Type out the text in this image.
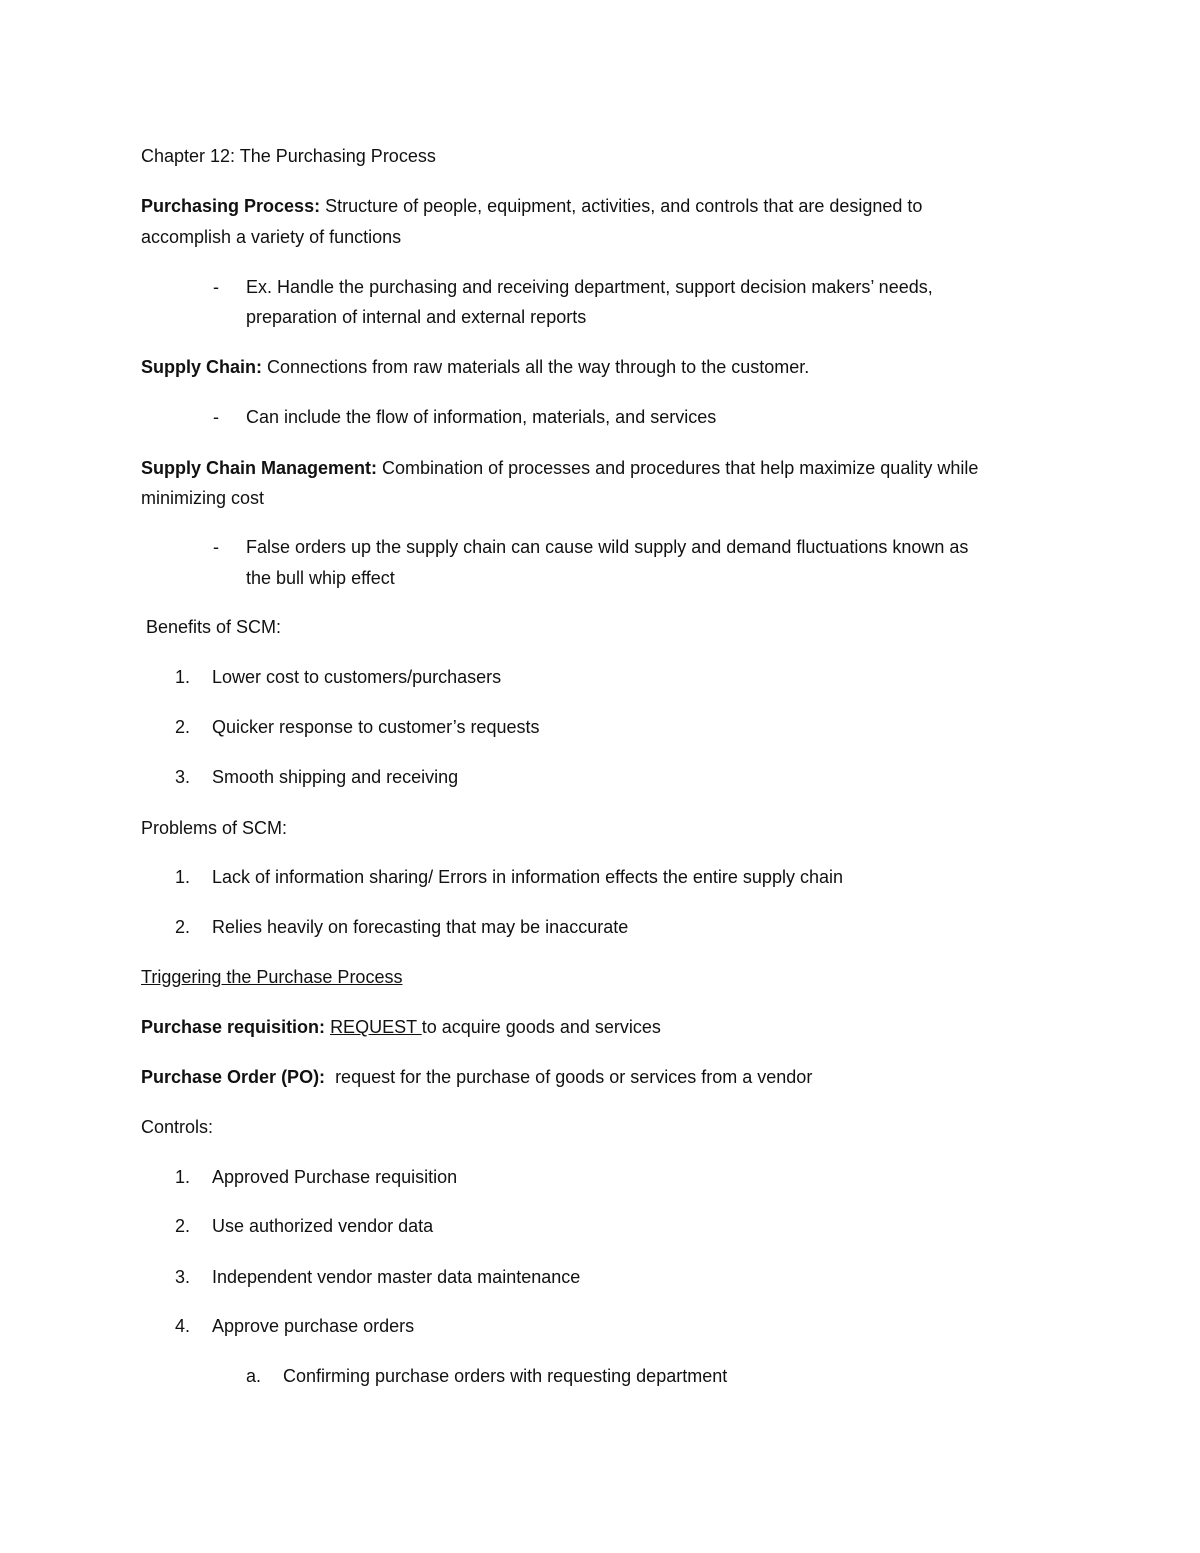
Chapter 12: The Purchasing Process
Purchasing Process: Structure of people, equipment, activities, and controls that are designed to
accomplish a variety of functions
- Ex. Handle the purchasing and receiving department, support decision makers’ needs,
preparation of internal and external reports
Supply Chain: Connections from raw materials all the way through to the customer.
- Can include the flow of information, materials, and services
Supply Chain Management: Combination of processes and procedures that help maximize quality while
minimizing cost
- False orders up the supply chain can cause wild supply and demand fluctuations known as
the bull whip effect
Benefits of SCM:
1. Lower cost to customers/purchasers
2. Quicker response to customer’s requests
3. Smooth shipping and receiving
Problems of SCM:
1. Lack of information sharing/ Errors in information effects the entire supply chain
2. Relies heavily on forecasting that may be inaccurate
Triggering the Purchase Process
Purchase requisition: REQUEST to acquire goods and services
Purchase Order (PO):  request for the purchase of goods or services from a vendor
Controls:
1. Approved Purchase requisition
2. Use authorized vendor data
3. Independent vendor master data maintenance
4. Approve purchase orders
a. Confirming purchase orders with requesting department
